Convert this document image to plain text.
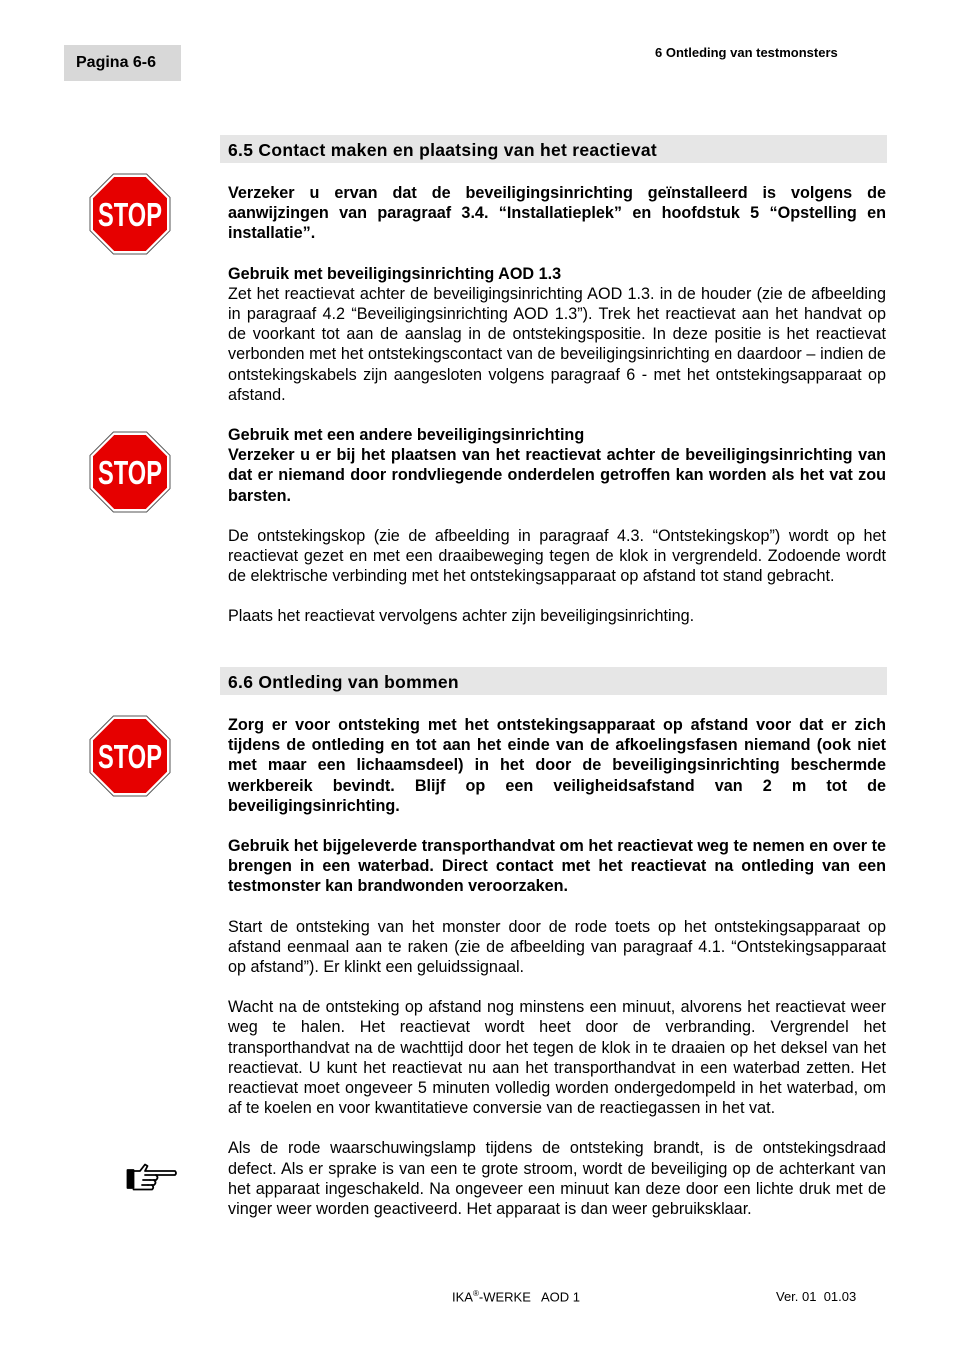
Pagina 6-6
6 Ontleding van testmonsters
6.5 Contact maken en plaatsing van het reactievat
STOP

Verzeker u ervan dat de beveiligingsinrichting geïnstalleerd is volgens de aanwijzingen van paragraaf 3.4. “Installatieplek” en hoofdstuk 5 “Opstelling en installatie”.

Gebruik met beveiligingsinrichting AOD 1.3

Zet het reactievat achter de beveiligingsinrichting AOD 1.3. in de houder (zie de afbeelding in paragraaf 4.2 “Beveiligingsinrichting AOD 1.3”). Trek het reactievat aan het handvat op de voorkant tot aan de aanslag in de ontstekingspositie. In deze positie is het reactievat verbonden met het ontstekingscontact van de beveiligingsinrichting en daardoor – indien de ontstekingskabels zijn aangesloten volgens paragraaf 6 - met het ontstekingsapparaat op afstand.

Gebruik met een andere beveiligingsinrichting

Verzeker u er bij het plaatsen van het reactievat achter de beveiligingsinrichting van dat er niemand door rondvliegende onderdelen getroffen kan worden als het vat zou barsten.

De ontstekingskop (zie de afbeelding in paragraaf 4.3. “Ontstekingskop”) wordt op het reactievat gezet en met een draaibeweging tegen de klok in vergrendeld. Zodoende wordt de elektrische verbinding met het ontstekingsapparaat op afstand tot stand gebracht.

Plaats het reactievat vervolgens achter zijn beveiligingsinrichting.

STOP
6.6 Ontleding van bommen
STOP

Zorg er voor ontsteking met het ontstekingsapparaat op afstand voor dat er zich tijdens de ontleding en tot aan het einde van de afkoelingsfasen niemand (ook niet met maar een lichaamsdeel) in het door de beveiligingsinrichting beschermde werkbereik bevindt. Blijf op een veiligheidsafstand van 2 m tot de beveiligingsinrichting.

Gebruik het bijgeleverde transporthandvat om het reactievat weg te nemen en over te brengen in een waterbad. Direct contact met het reactievat na ontleding van een testmonster kan brandwonden veroorzaken.

Start de ontsteking van het monster door de rode toets op het ontstekingsapparaat op afstand eenmaal aan te raken (zie de afbeelding van paragraaf 4.1. “Ontstekingsapparaat op afstand”). Er klinkt een geluidssignaal.

Wacht na de ontsteking op afstand nog minstens een minuut, alvorens het reactievat weer weg te halen. Het reactievat wordt heet door de verbranding. Vergrendel het transporthandvat na de wachttijd door het tegen de klok in te draaien op het deksel van het reactievat. U kunt het reactievat nu aan het transporthandvat in een waterbad zetten. Het reactievat moet ongeveer 5 minuten volledig worden ondergedompeld in het waterbad, om af te koelen en voor kwantitatieve conversie van de reactiegassen in het vat.

Als de rode waarschuwingslamp tijdens de ontsteking brandt, is de ontstekingsdraad defect. Als er sprake is van een te grote stroom, wordt de beveiliging op de achterkant van het apparaat ingeschakeld. Na ongeveer een minuut kan deze door een lichte druk met de vinger weer worden geactiveerd. Het apparaat is dan weer gebruiksklaar.

IKA®-WERKE   AOD 1	Ver. 01  01.03
